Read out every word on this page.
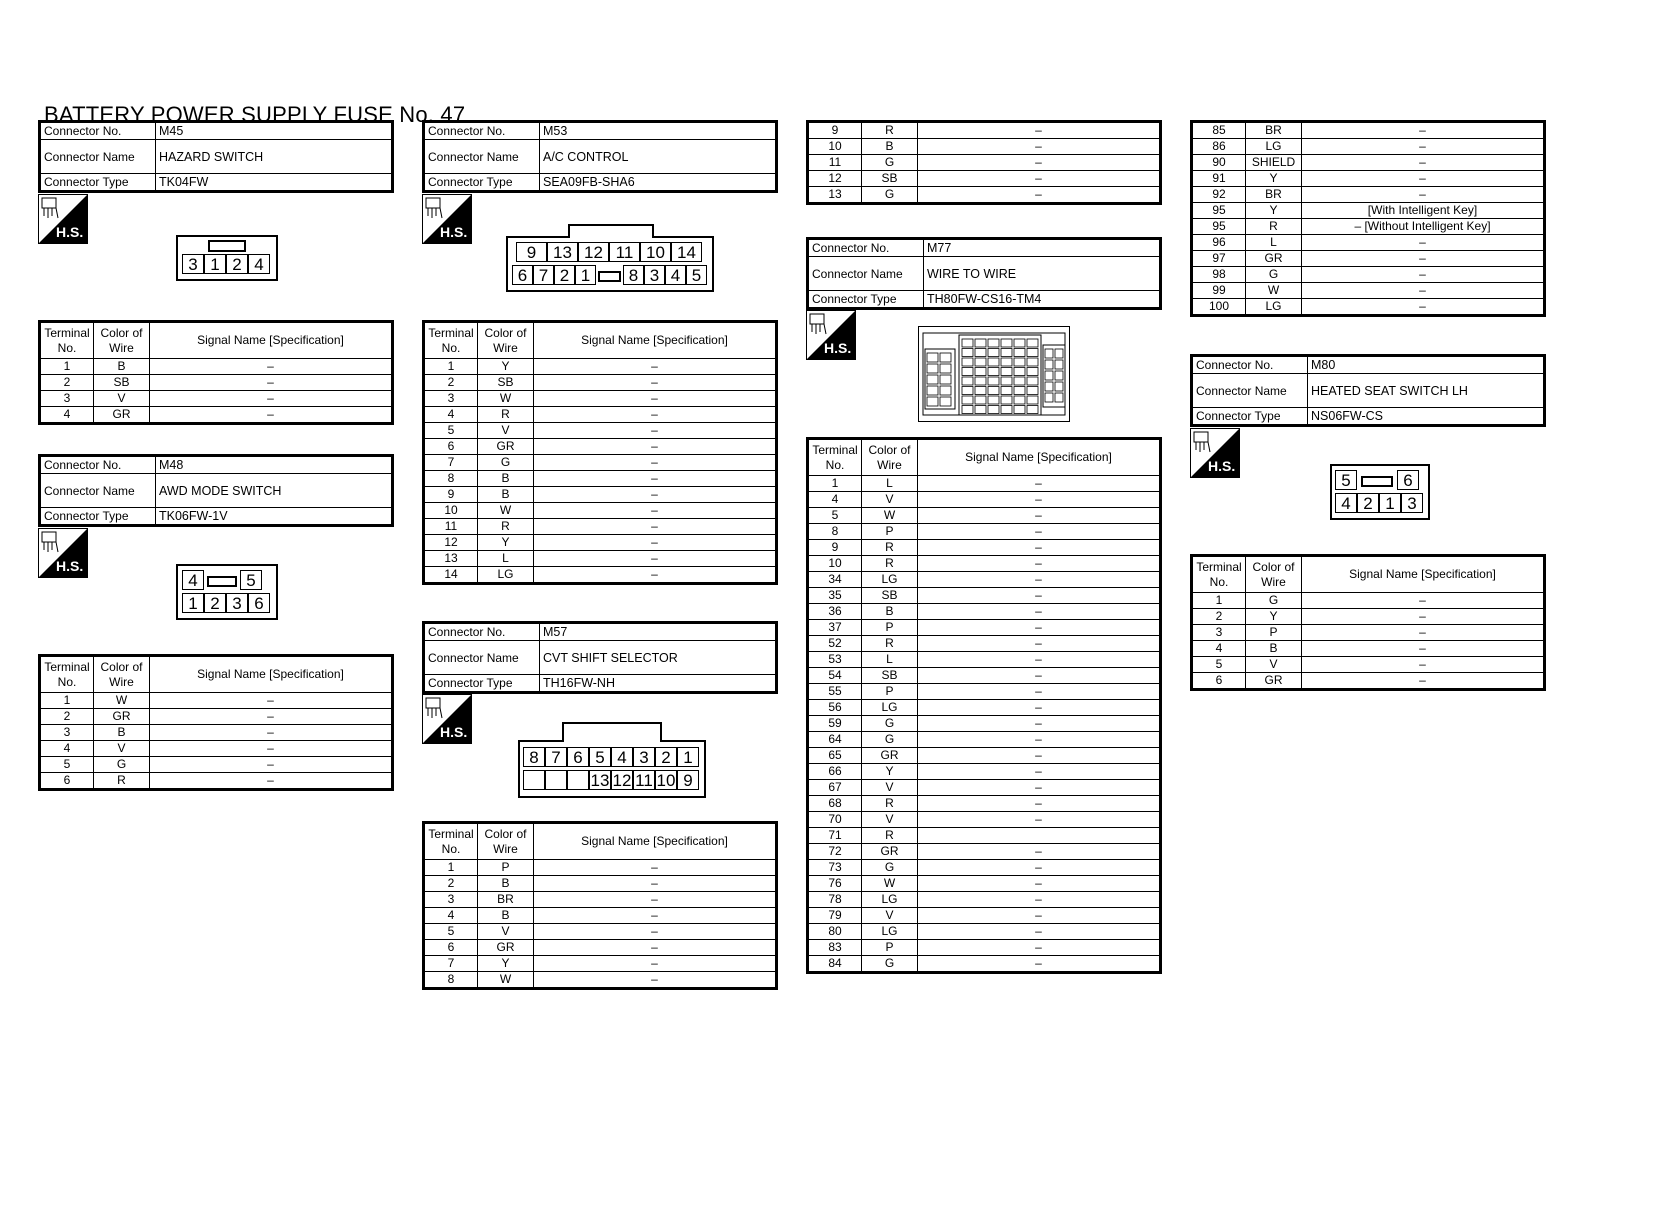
BATTERY POWER SUPPLY FUSE No. 47
Connector No.	M45
Connector Name	HAZARD SWITCH
Connector Type	TK04FW
H.S.
3 1 2 4
Terminal No.	Color of Wire	Signal Name [Specification]
1	B	–
2	SB	–
3	V	–
4	GR	–
Connector No.	M48
Connector Name	AWD MODE SWITCH
Connector Type	TK06FW-1V
H.S.
4	5
1 2 3 6
Terminal No.	Color of Wire	Signal Name [Specification]
1	W	–
2	GR	–
3	B	–
4	V	–
5	G	–
6	R	–
Connector No.	M53
Connector Name	A/C CONTROL
Connector Type	SEA09FB-SHA6
H.S.
9 13 12 11 10 14
6 7 2 1	8 3 4 5
Terminal No.	Color of Wire	Signal Name [Specification]
1	Y	–
2	SB	–
3	W	–
4	R	–
5	V	–
6	GR	–
7	G	–
8	B	–
9	B	–
10	W	–
11	R	–
12	Y	–
13	L	–
14	LG	–
Connector No.	M57
Connector Name	CVT SHIFT SELECTOR
Connector Type	TH16FW-NH
H.S.
8 7 6 5 4 3 2 1
13 12 11 10 9
Terminal No.	Color of Wire	Signal Name [Specification]
1	P	–
2	B	–
3	BR	–
4	B	–
5	V	–
6	GR	–
7	Y	–
8	W	–
9	R	–
10	B	–
11	G	–
12	SB	–
13	G	–
Connector No.	M77
Connector Name	WIRE TO WIRE
Connector Type	TH80FW-CS16-TM4
H.S.
Terminal No.	Color of Wire	Signal Name [Specification]
1	L	–
4	V	–
5	W	–
8	P	–
9	R	–
10	R	–
34	LG	–
35	SB	–
36	B	–
37	P	–
52	R	–
53	L	–
54	SB	–
55	P	–
56	LG	–
59	G	–
64	G	–
65	GR	–
66	Y	–
67	V	–
68	R	–
70	V	–
71	R	
72	GR	–
73	G	–
76	W	–
78	LG	–
79	V	–
80	LG	–
83	P	–
84	G	–
85	BR	–
86	LG	–
90	SHIELD	–
91	Y	–
92	BR	–
95	Y	[With Intelligent Key]
95	R	– [Without Intelligent Key]
96	L	–
97	GR	–
98	G	–
99	W	–
100	LG	–
Connector No.	M80
Connector Name	HEATED SEAT SWITCH LH
Connector Type	NS06FW-CS
H.S.
5	6
4 2 1 3
Terminal No.	Color of Wire	Signal Name [Specification]
1	G	–
2	Y	–
3	P	–
4	B	–
5	V	–
6	GR	–
